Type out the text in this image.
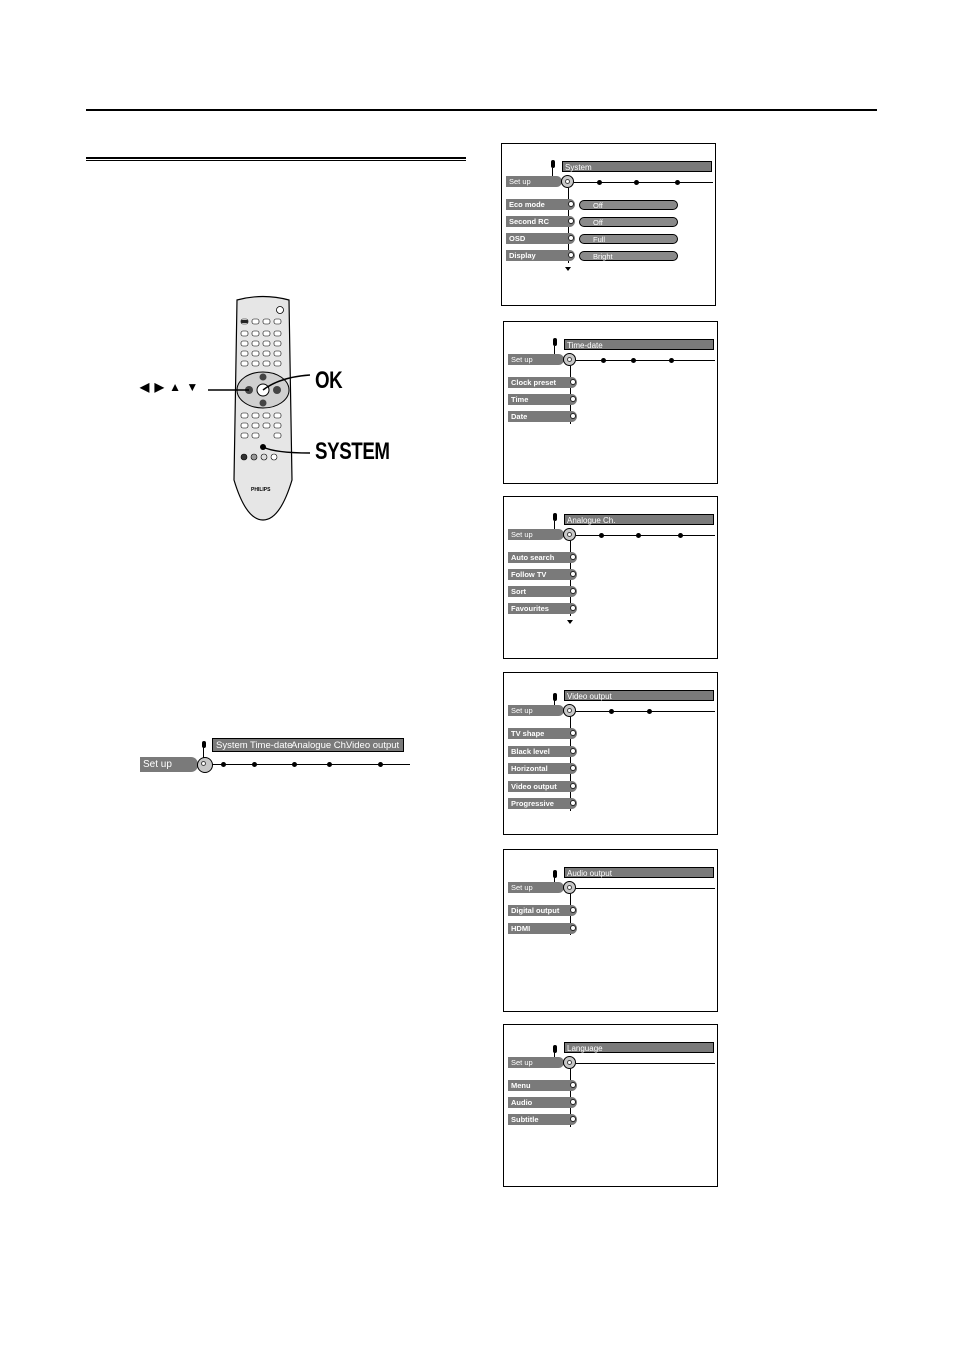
◀ ▶ ▲ ▼	OK
SYSTEM
PHILIPS
System Time-date
Analogue Ch.
Video output
Set up
System
Set up
Eco mode	Off
Second RC	Off
OSD	Full
Display	Bright
Time-date
Set up
Clock preset
Time
Date
Analogue Ch.
Set up
Auto search
Follow TV
Sort
Favourites
Video output
Set up
TV shape
Black level
Horizontal
Video output
Progressive
Audio output
Set up
Digital output
HDMI
Language
Set up
Menu
Audio
Subtitle
